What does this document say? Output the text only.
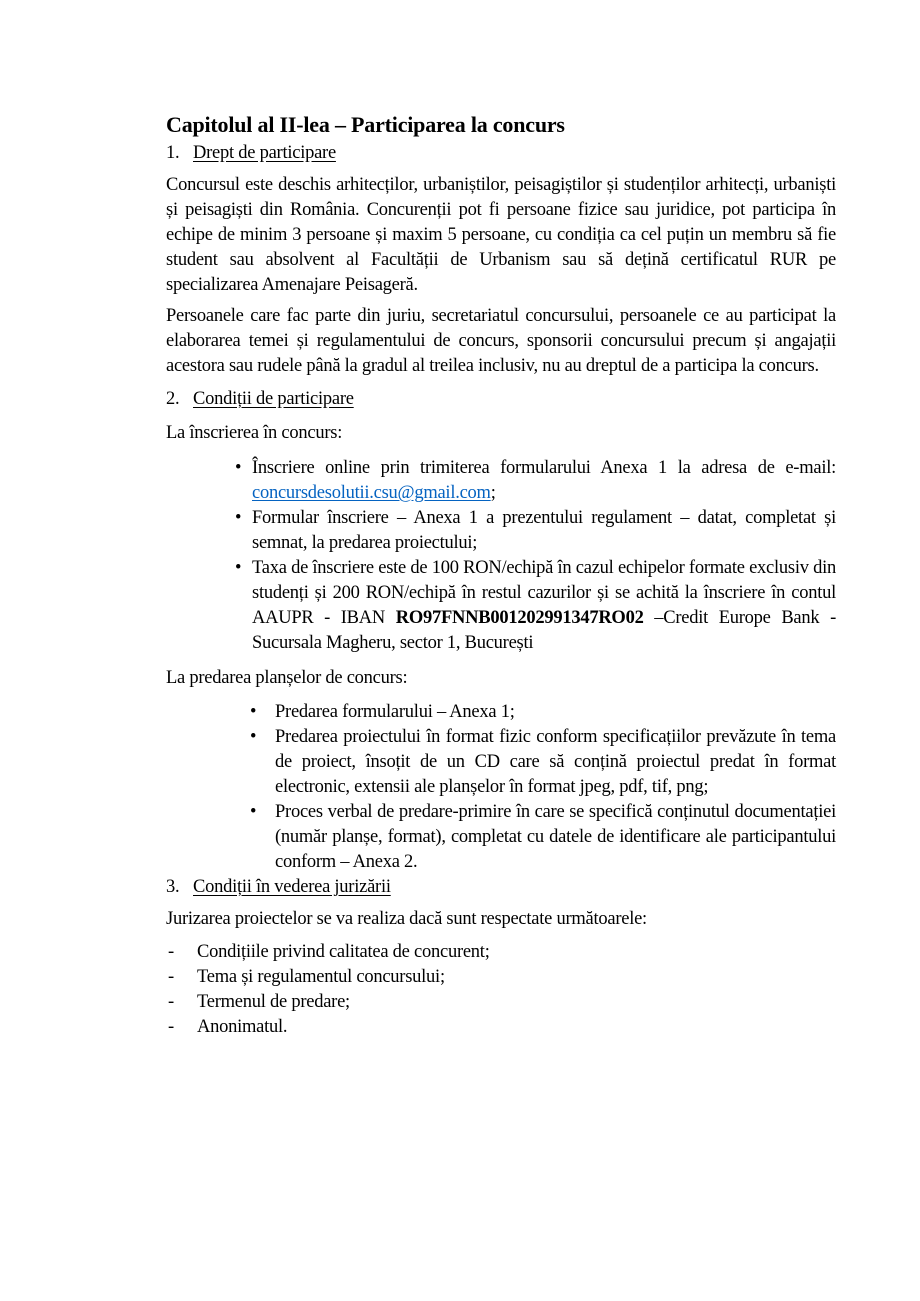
Capitolul al II-lea – Participarea la concurs
1. Drept de participare

Concursul este deschis arhitecților, urbaniștilor, peisagiștilor și studenților arhitecți, urbaniști și peisagiști din România. Concurenții pot fi persoane fizice sau juridice, pot participa în echipe de minim 3 persoane și maxim 5 persoane, cu condiția ca cel puțin un membru să fie student sau absolvent al Facultății de Urbanism sau să dețină certificatul RUR pe specializarea Amenajare Peisageră.

Persoanele care fac parte din juriu, secretariatul concursului, persoanele ce au participat la elaborarea temei și regulamentului de concurs, sponsorii concursului precum și angajații acestora sau rudele până la gradul al treilea inclusiv, nu au dreptul de a participa la concurs.

2. Condiții de participare

La înscrierea în concurs:

• Înscriere online prin trimiterea formularului Anexa 1 la adresa de e-mail: concursdesolutii.csu@gmail.com;
• Formular înscriere – Anexa 1 a prezentului regulament – datat, completat și semnat, la predarea proiectului;
• Taxa de înscriere este de 100 RON/echipă în cazul echipelor formate exclusiv din studenți și 200 RON/echipă în restul cazurilor și se achită la înscriere în contul AAUPR - IBAN RO97FNNB001202991347RO02 –Credit Europe Bank - Sucursala Magheru, sector 1, București

La predarea planșelor de concurs:

• Predarea formularului – Anexa 1;
• Predarea proiectului în format fizic conform specificațiilor prevăzute în tema de proiect, însoțit de un CD care să conțină proiectul predat în format electronic, extensii ale planșelor în format jpeg, pdf, tif, png;
• Proces verbal de predare-primire în care se specifică conținutul documentației (număr planșe, format), completat cu datele de identificare ale participantului conform – Anexa 2.
3. Condiții în vederea jurizării

Jurizarea proiectelor se va realiza dacă sunt respectate următoarele:

- Condițiile privind calitatea de concurent;
- Tema și regulamentul concursului;
- Termenul de predare;
- Anonimatul.
